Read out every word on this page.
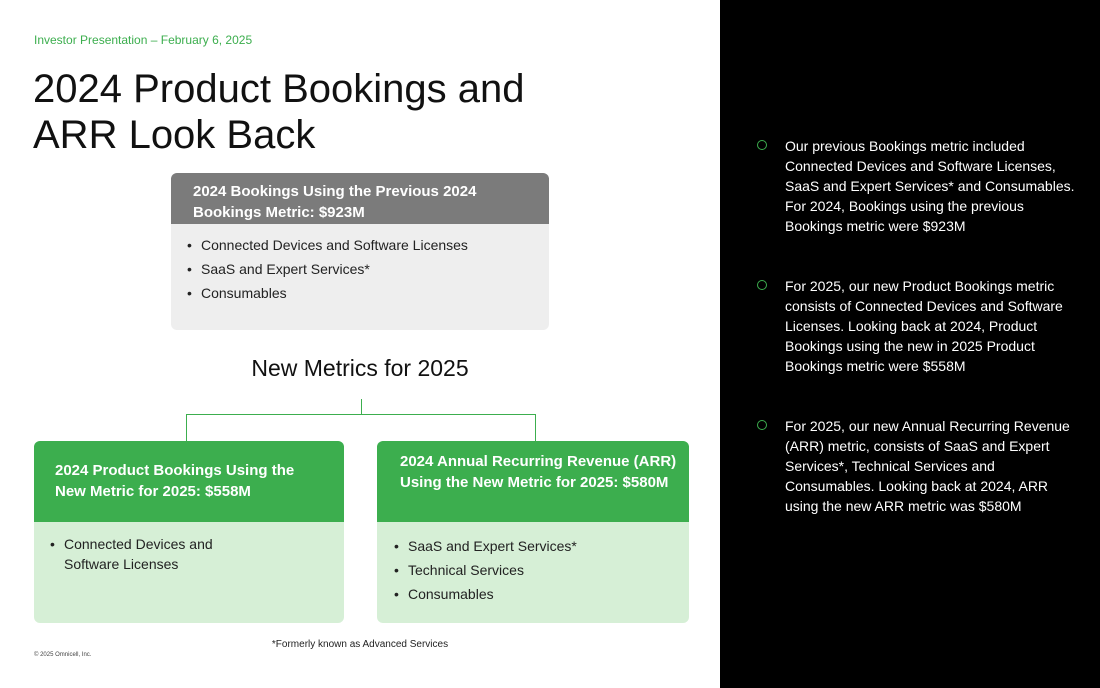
Investor Presentation – February 6, 2025
2024 Product Bookings and ARR Look Back
2024 Bookings Using the Previous 2024 Bookings Metric: $923M
• Connected Devices and Software Licenses
• SaaS and Expert Services*
• Consumables
New Metrics for 2025
2024 Product Bookings Using the New Metric for 2025: $558M
• Connected Devices and Software Licenses
2024 Annual Recurring Revenue (ARR) Using the New Metric for 2025: $580M
• SaaS and Expert Services*
• Technical Services
• Consumables
*Formerly known as Advanced Services
© 2025 Omnicell, Inc.
Our previous Bookings metric included Connected Devices and Software Licenses, SaaS and Expert Services* and Consumables. For 2024, Bookings using the previous Bookings metric were $923M
For 2025, our new Product Bookings metric consists of Connected Devices and Software Licenses. Looking back at 2024, Product Bookings using the new in 2025 Product Bookings metric were $558M
For 2025, our new Annual Recurring Revenue (ARR) metric, consists of SaaS and Expert Services*, Technical Services and Consumables. Looking back at 2024, ARR using the new ARR metric was $580M
